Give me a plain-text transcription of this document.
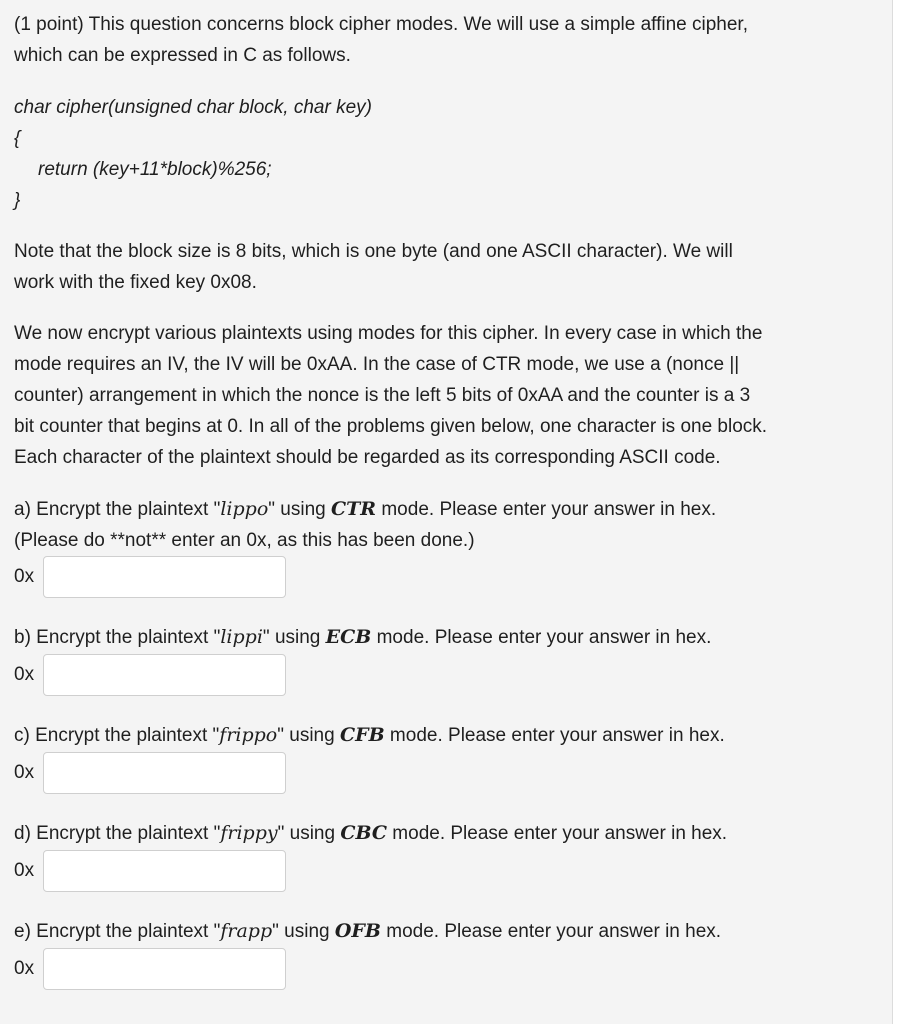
(1 point) This question concerns block cipher modes. We will use a simple affine cipher,

which can be expressed in C as follows.

char cipher(unsigned char block, char key)

{

return (key+11*block)%256;

}

Note that the block size is 8 bits, which is one byte (and one ASCII character). We will

work with the fixed key 0x08.

We now encrypt various plaintexts using modes for this cipher. In every case in which the

mode requires an IV, the IV will be 0xAA. In the case of CTR mode, we use a (nonce ||

counter) arrangement in which the nonce is the left 5 bits of 0xAA and the counter is a 3

bit counter that begins at 0. In all of the problems given below, one character is one block.

Each character of the plaintext should be regarded as its corresponding ASCII code.

a) Encrypt the plaintext "lippo" using CTR mode. Please enter your answer in hex.

(Please do **not** enter an 0x, as this has been done.)

0x

b) Encrypt the plaintext "lippi" using ECB mode. Please enter your answer in hex.

0x

c) Encrypt the plaintext "frippo" using CFB mode. Please enter your answer in hex.

0x

d) Encrypt the plaintext "frippy" using CBC mode. Please enter your answer in hex.

0x

e) Encrypt the plaintext "frapp" using OFB mode. Please enter your answer in hex.

0x
